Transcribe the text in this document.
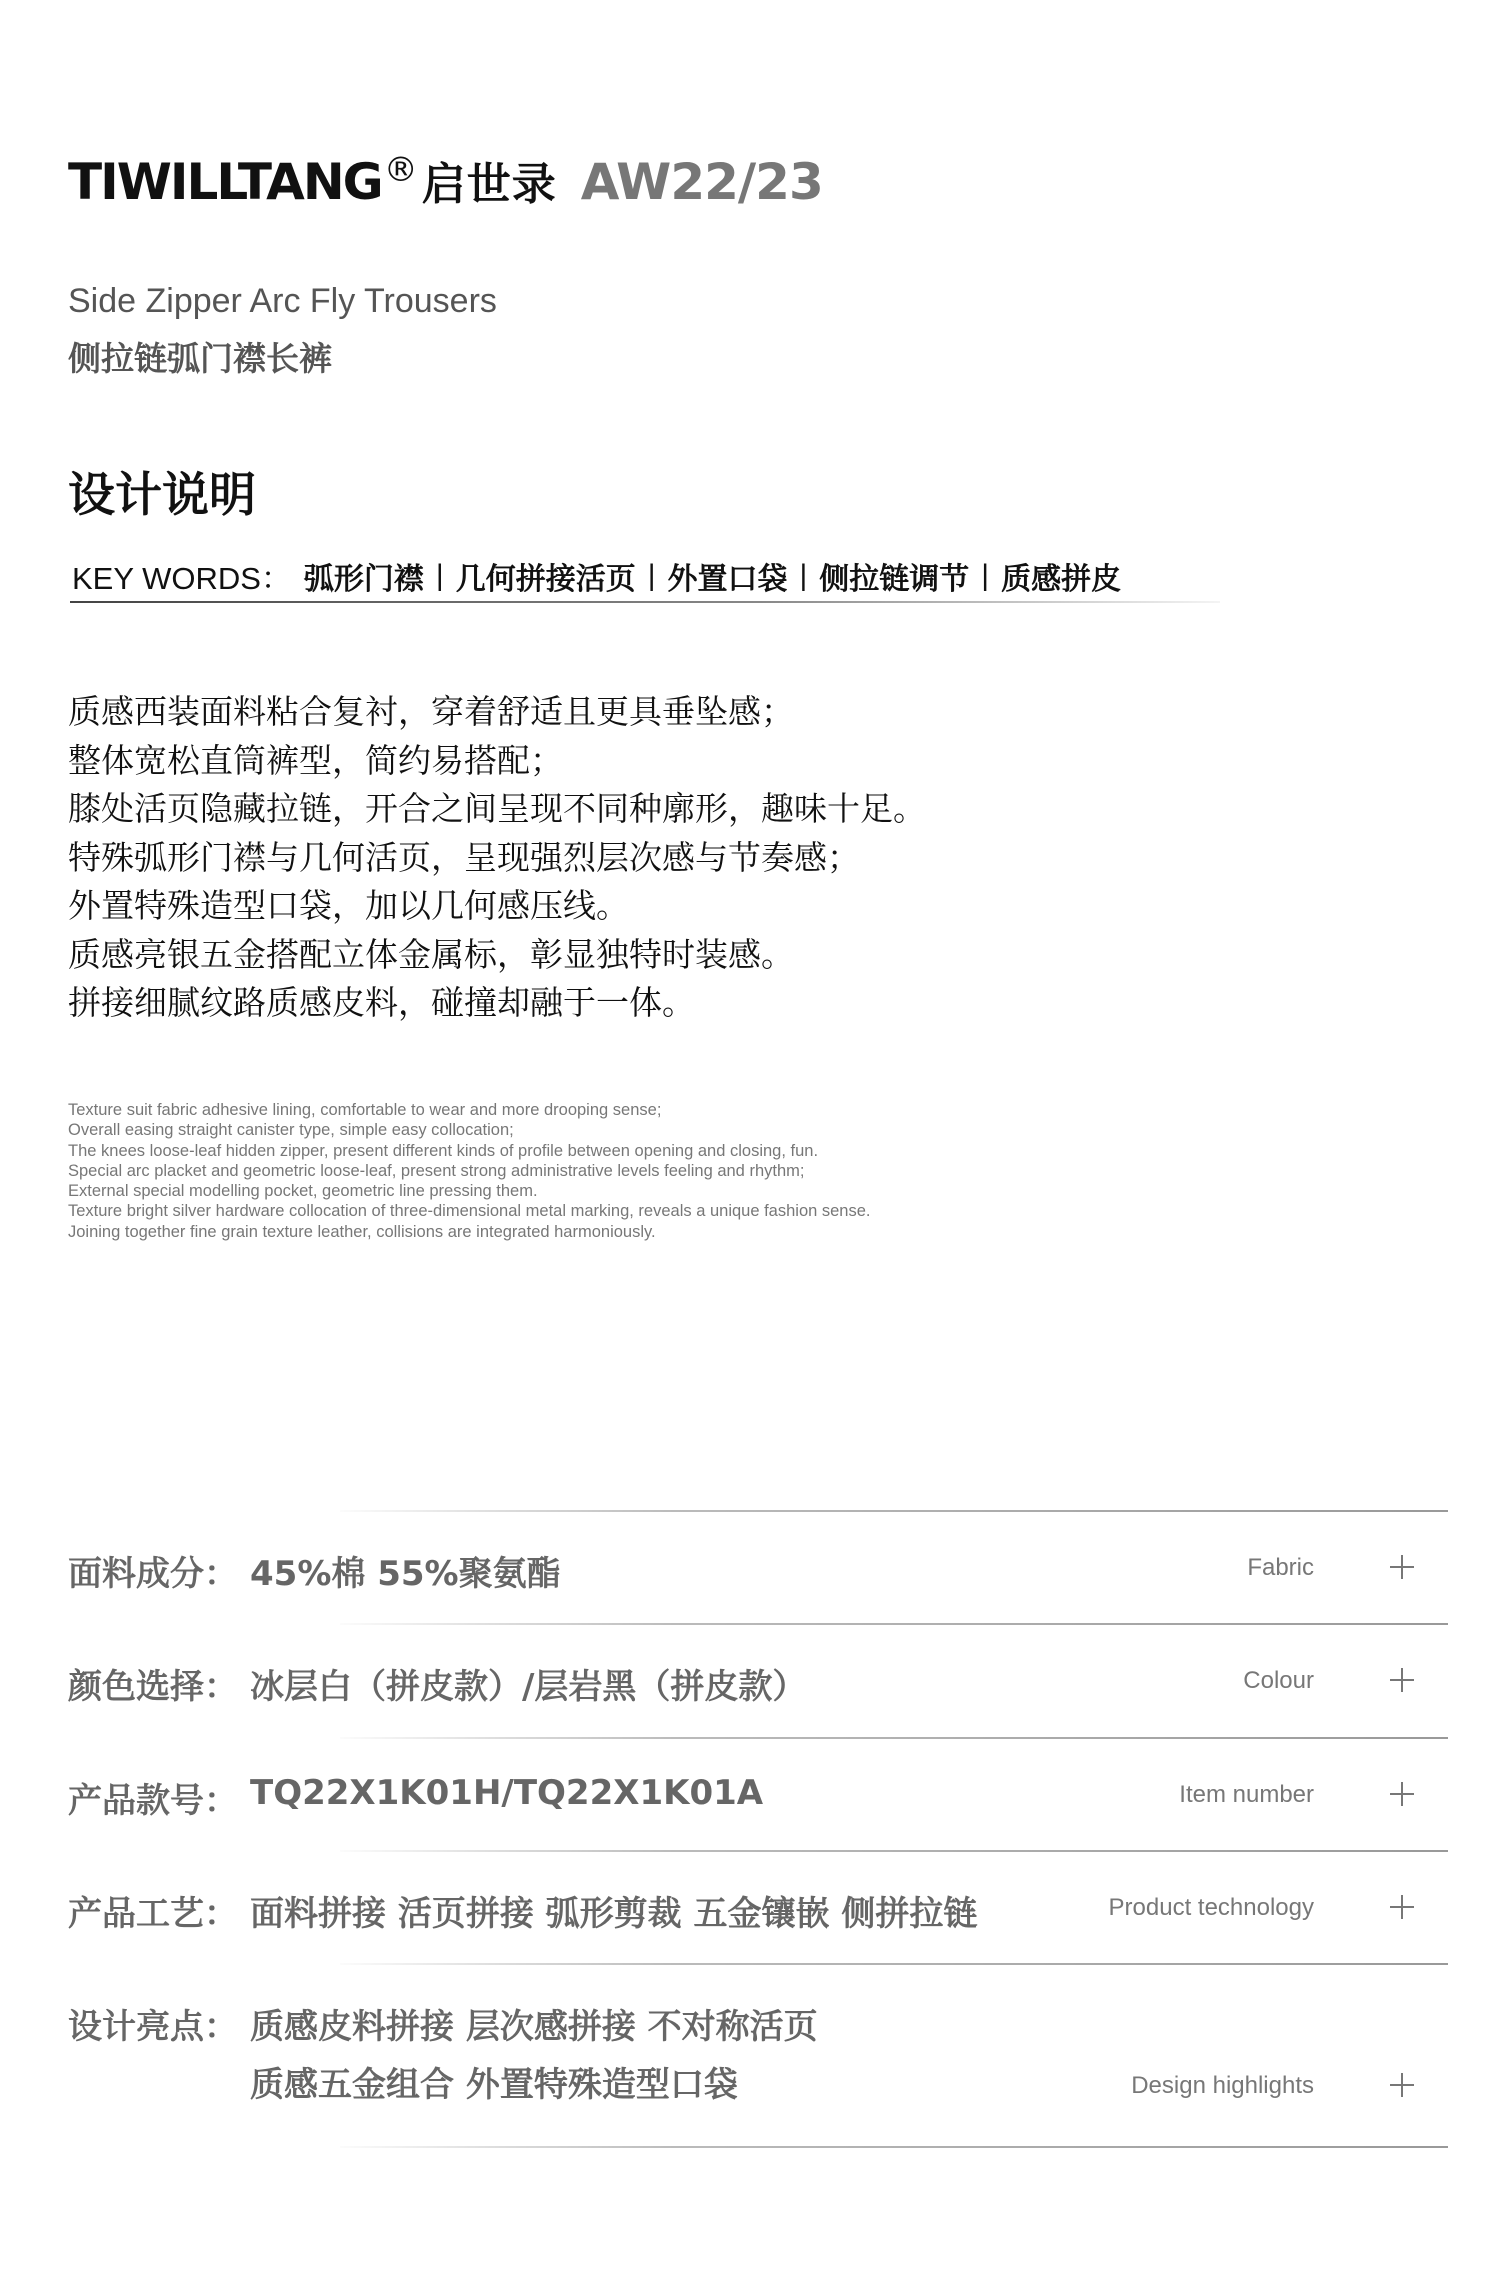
TIWILLTANG ® 启世录 AW22/23
Side Zipper Arc Fly Trousers
侧拉链弧门襟长裤
设计说明
KEY WORDS： 弧形门襟 | 几何拼接活页 | 外置口袋 | 侧拉链调节 | 质感拼皮
质感西装面料粘合复衬，穿着舒适且更具垂坠感；
整体宽松直筒裤型，简约易搭配；
膝处活页隐藏拉链，开合之间呈现不同种廓形，趣味十足。
特殊弧形门襟与几何活页，呈现强烈层次感与节奏感；
外置特殊造型口袋，加以几何感压线。
质感亮银五金搭配立体金属标，彰显独特时装感。
拼接细腻纹路质感皮料，碰撞却融于一体。
Texture suit fabric adhesive lining, comfortable to wear and more drooping sense;
Overall easing straight canister type, simple easy collocation;
The knees loose-leaf hidden zipper, present different kinds of profile between opening and closing, fun.
Special arc placket and geometric loose-leaf, present strong administrative levels feeling and rhythm;
External special modelling pocket, geometric line pressing them.
Texture bright silver hardware collocation of three-dimensional metal marking, reveals a unique fashion sense.
Joining together fine grain texture leather, collisions are integrated harmoniously.
面料成分： 45%棉 55%聚氨酯	Fabric
颜色选择： 冰层白（拼皮款）/层岩黑（拼皮款）	Colour
产品款号： TQ22X1K01H/TQ22X1K01A	Item number
产品工艺： 面料拼接 活页拼接 弧形剪裁 五金镶嵌 侧拼拉链	Product technology
设计亮点： 质感皮料拼接 层次感拼接 不对称活页
质感五金组合 外置特殊造型口袋	Design highlights
